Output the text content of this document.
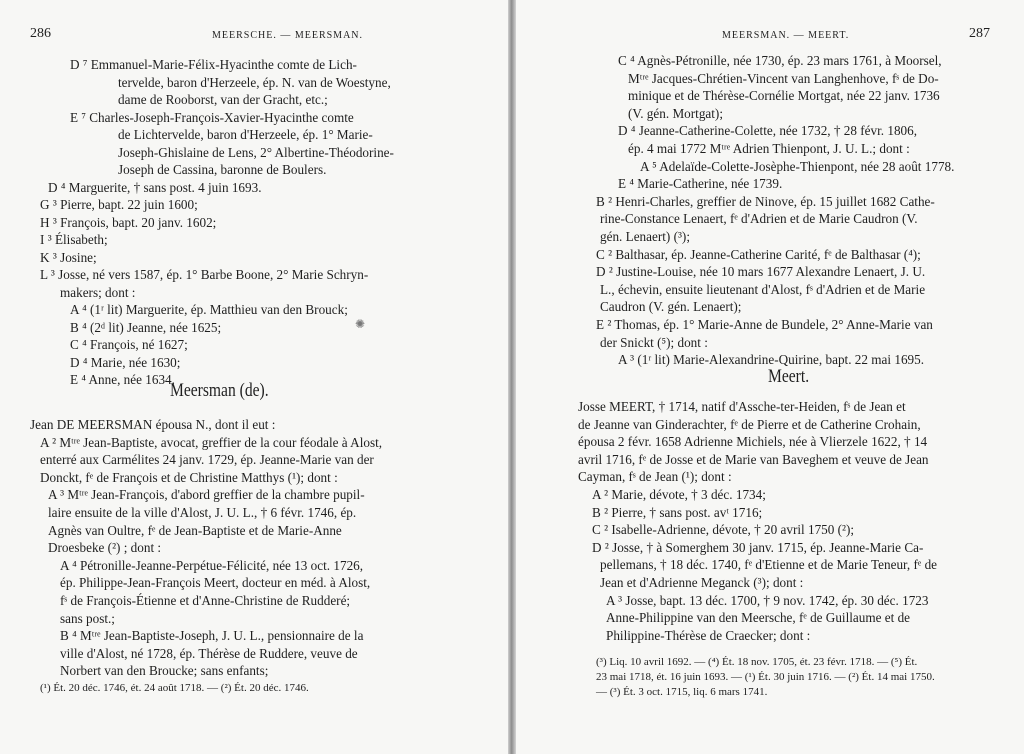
286	MEERSCHE. — MEERSMAN.
D ⁷ Emmanuel-Marie-Félix-Hyacinthe comte de Lich-
tervelde, baron d'Herzeele, ép. N. van de Woestyne,
dame de Rooborst, van der Gracht, etc.;
E ⁷ Charles-Joseph-François-Xavier-Hyacinthe comte
de Lichtervelde, baron d'Herzeele, ép. 1° Marie-
Joseph-Ghislaine de Lens, 2° Albertine-Théodorine-
Joseph de Cassina, baronne de Boulers.
D ⁴ Marguerite, † sans post. 4 juin 1693.
G ³ Pierre, bapt. 22 juin 1600;
H ³ François, bapt. 20 janv. 1602;
I ³ Élisabeth;
K ³ Josine;
L ³ Josse, né vers 1587, ép. 1° Barbe Boone, 2° Marie Schryn-
makers; dont :
A ⁴ (1ʳ lit) Marguerite, ép. Matthieu van den Brouck;
B ⁴ (2ᵈ lit) Jeanne, née 1625;
C ⁴ François, né 1627;
D ⁴ Marie, née 1630;
E ⁴ Anne, née 1634.
Jean DE MEERSMAN épousa N., dont il eut :
A ² Mᵗʳᵉ Jean-Baptiste, avocat, greffier de la cour féodale à Alost,
enterré aux Carmélites 24 janv. 1729, ép. Jeanne-Marie van der
Donckt, fᵉ de François et de Christine Matthys (¹); dont :
A ³ Mᵗʳᵉ Jean-François, d'abord greffier de la chambre pupil-
laire ensuite de la ville d'Alost, J. U. L., † 6 févr. 1746, ép.
Agnès van Oultre, fᵉ de Jean-Baptiste et de Marie-Anne
Droesbeke (²) ; dont :
A ⁴ Pétronille-Jeanne-Perpétue-Félicité, née 13 oct. 1726,
ép. Philippe-Jean-François Meert, docteur en méd. à Alost,
fˢ de François-Étienne et d'Anne-Christine de Rudderé;
sans post.;
B ⁴ Mᵗʳᵉ Jean-Baptiste-Joseph, J. U. L., pensionnaire de la
ville d'Alost, né 1728, ép. Thérèse de Ruddere, veuve de
Norbert van den Broucke; sans enfants;
Meersman (de).
✺
287
MEERSMAN. — MEERT.
C ⁴ Agnès-Pétronille, née 1730, ép. 23 mars 1761, à Moorsel,
Mᵗʳᵉ Jacques-Chrétien-Vincent van Langhenhove, fˢ de Do-
minique et de Thérèse-Cornélie Mortgat, née 22 janv. 1736
(V. gén. Mortgat);
D ⁴ Jeanne-Catherine-Colette, née 1732, † 28 févr. 1806,
ép. 4 mai 1772 Mᵗʳᵉ Adrien Thienpont, J. U. L.; dont :
A ⁵ Adelaïde-Colette-Josèphe-Thienpont, née 28 août 1778.
E ⁴ Marie-Catherine, née 1739.
B ² Henri-Charles, greffier de Ninove, ép. 15 juillet 1682 Cathe-
rine-Constance Lenaert, fᵉ d'Adrien et de Marie Caudron (V.
gén. Lenaert) (³);
C ² Balthasar, ép. Jeanne-Catherine Carité, fᵉ de Balthasar (⁴);
D ² Justine-Louise, née 10 mars 1677 Alexandre Lenaert, J. U.
L., échevin, ensuite lieutenant d'Alost, fˢ d'Adrien et de Marie
Caudron (V. gén. Lenaert);
E ² Thomas, ép. 1° Marie-Anne de Bundele, 2° Anne-Marie van
der Snickt (⁵); dont :
A ³ (1ʳ lit) Marie-Alexandrine-Quirine, bapt. 22 mai 1695.
Josse MEERT, † 1714, natif d'Assche-ter-Heiden, fˢ de Jean et
de Jeanne van Ginderachter, fᵉ de Pierre et de Catherine Crohain,
épousa 2 févr. 1658 Adrienne Michiels, née à Vlierzele 1622, † 14
avril 1716, fᵉ de Josse et de Marie van Baveghem et veuve de Jean
Cayman, fˢ de Jean (¹); dont :
A ² Marie, dévote, † 3 déc. 1734;
B ² Pierre, † sans post. avᵗ 1716;
C ² Isabelle-Adrienne, dévote, † 20 avril 1750 (²);
D ² Josse, † à Somerghem 30 janv. 1715, ép. Jeanne-Marie Ca-
pellemans, † 18 déc. 1740, fᵉ d'Etienne et de Marie Teneur, fᵉ de
Jean et d'Adrienne Meganck (³); dont :
A ³ Josse, bapt. 13 déc. 1700, † 9 nov. 1742, ép. 30 déc. 1723
Anne-Philippine van den Meersche, fᵉ de Guillaume et de
Philippine-Thérèse de Craecker; dont :
Meert.
(³) Liq. 10 avril 1692. — (⁴) Ét. 18 nov. 1705, ét. 23 févr. 1718. — (⁵) Ét.
23 mai 1718, ét. 16 juin 1693. — (¹) Ét. 30 juin 1716. — (²) Ét. 14 mai 1750.
— (³) Ét. 3 oct. 1715, liq. 6 mars 1741.
(¹) Ét. 20 déc. 1746, ét. 24 août 1718. — (²) Ét. 20 déc. 1746.
